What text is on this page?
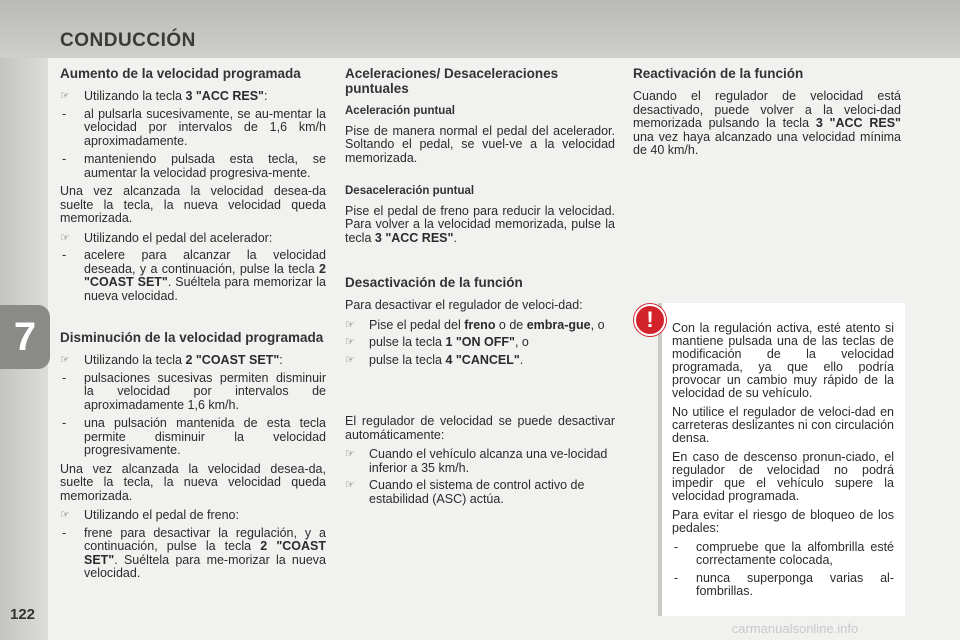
CONDUCCIÓN
7
122
Aumento de la velocidad programada
☞ Utilizando la tecla 3 "ACC RES":
- al pulsarla sucesivamente, se au-mentar la velocidad por intervalos de 1,6 km/h aproximadamente.
- manteniendo pulsada esta tecla, se aumentar la velocidad progresiva-mente.

Una vez alcanzada la velocidad desea-da suelte la tecla, la nueva velocidad queda memorizada.

☞ Utilizando el pedal del acelerador:
- acelere para alcanzar la velocidad deseada, y a continuación, pulse la tecla 2 "COAST SET". Suéltela para memorizar la nueva velocidad.
Disminución de la velocidad programada
☞ Utilizando la tecla 2 "COAST SET":
- pulsaciones sucesivas permiten disminuir la velocidad por intervalos de aproximadamente 1,6 km/h.
- una pulsación mantenida de esta tecla permite disminuir la velocidad progresivamente.

Una vez alcanzada la velocidad desea-da, suelte la tecla, la nueva velocidad queda memorizada.

☞ Utilizando el pedal de freno:
- frene para desactivar la regulación, y a continuación, pulse la tecla 2 "COAST SET". Suéltela para me-morizar la nueva velocidad.
Aceleraciones/ Desaceleraciones puntuales
Aceleración puntual

Pise de manera normal el pedal del acelerador. Soltando el pedal, se vuel-ve a la velocidad memorizada.

Desaceleración puntual

Pise el pedal de freno para reducir la velocidad. Para volver a la velocidad memorizada, pulse la tecla 3 "ACC RES".

Desactivación de la función

Para desactivar el regulador de veloci-dad:

☞ Pise el pedal del freno o de embra-gue, o
☞ pulse la tecla 1 "ON OFF", o
☞ pulse la tecla 4 "CANCEL".

El regulador de velocidad se puede desactivar automáticamente:

☞ Cuando el vehículo alcanza una ve-locidad inferior a 35 km/h.
☞ Cuando el sistema de control activo de estabilidad (ASC) actúa.
Reactivación de la función

Cuando el regulador de velocidad está desactivado, puede volver a la veloci-dad memorizada pulsando la tecla 3 "ACC RES" una vez haya alcanzado una velocidad mínima de 40 km/h.

!	Con la regulación activa, esté atento si mantiene pulsada una de las teclas de modificación de la velocidad programada, ya que ello podría provocar un cambio muy rápido de la velocidad de su vehículo.

No utilice el regulador de veloci-dad en carreteras deslizantes ni con circulación densa.

En caso de descenso pronun-ciado, el regulador de velocidad no podrá impedir que el vehículo supere la velocidad programada.

Para evitar el riesgo de bloqueo de los pedales:

- compruebe que la alfombrilla esté correctamente colocada,
- nunca superponga varias al-fombrillas.
carmanualsonline.info
